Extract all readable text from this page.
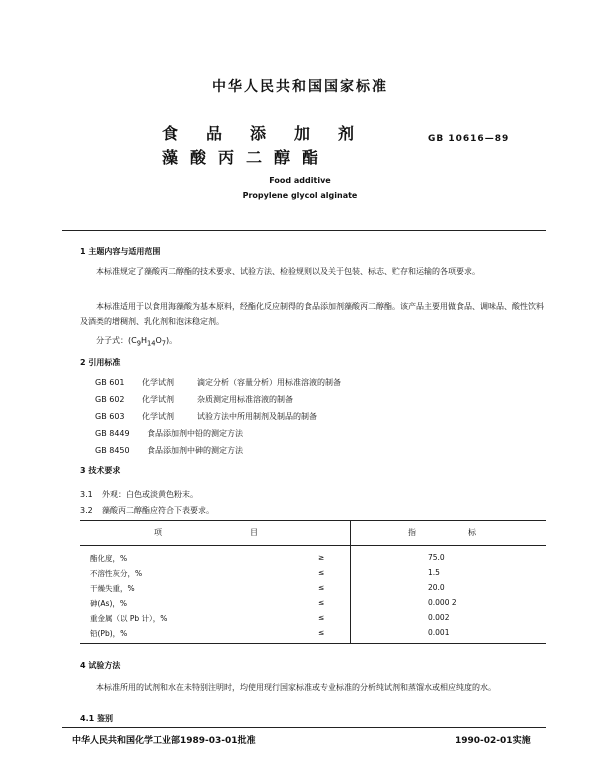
中华人民共和国国家标准
食品添加剂
藻酸丙二醇酯
GB 10616—89
Food additive
Propylene glycol alginate
1 主题内容与适用范围
本标准规定了藻酸丙二醇酯的技术要求、试验方法、检验规则以及关于包装、标志、贮存和运输的各项要求。
本标准适用于以食用海藻酸为基本原料，经酯化反应制得的食品添加剂藻酸丙二醇酯。该产品主要用做食品、调味品、酸性饮料及酒类的增稠剂、乳化剂和泡沫稳定剂。
分子式：$(C_9H_{14}O_7)$。
2 引用标准
GB 601 化学试剂	滴定分析（容量分析）用标准溶液的制备
GB 602 化学试剂	杂质测定用标准溶液的制备
GB 603 化学试剂	试验方法中所用制剂及制品的制备
GB 8449 食品添加剂中铅的测定方法
GB 8450 食品添加剂中砷的测定方法
3 技术要求
3.1 外观：白色或淡黄色粉末。
3.2 藻酸丙二醇酯应符合下表要求。
项目	指标
酯化度，%	≥	75.0
不溶性灰分，%	≤	1.5
干燥失重，%	≤	20.0
砷(As)，%	≤	0.000 2
重金属（以 Pb 计），%	≤	0.002
铅(Pb)，%	≤	0.001
4 试验方法
本标准所用的试剂和水在未特别注明时，均使用现行国家标准或专业标准的分析纯试剂和蒸馏水或相应纯度的水。
4.1 鉴别
中华人民共和国化学工业部1989-03-01批准	1990-02-01实施
